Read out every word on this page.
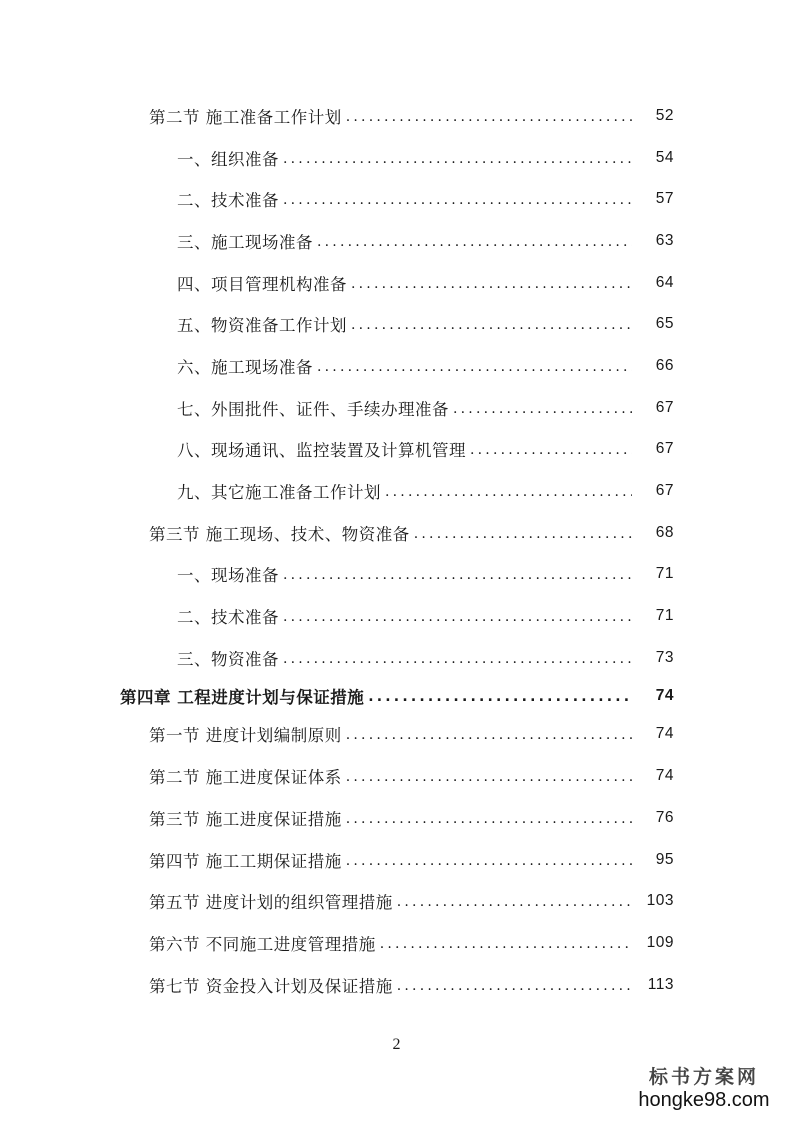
第二节 施工准备工作计划 .....	52
一、组织准备 .....	54
二、技术准备 .....	57
三、施工现场准备 .....	63
四、项目管理机构准备 .....	64
五、物资准备工作计划 .....	65
六、施工现场准备 .....	66
七、外围批件、证件、手续办理准备 .....	67
八、现场通讯、监控装置及计算机管理 .....	67
九、其它施工准备工作计划 .....	67
第三节 施工现场、技术、物资准备 .....	68
一、现场准备 .....	71
二、技术准备 .....	71
三、物资准备 .....	73
第四章 工程进度计划与保证措施 .....	74
第一节 进度计划编制原则 .....	74
第二节 施工进度保证体系 .....	74
第三节 施工进度保证措施 .....	76
第四节 施工工期保证措施 .....	95
第五节 进度计划的组织管理措施 .....	103
第六节 不同施工进度管理措施 .....	109
第七节 资金投入计划及保证措施 .....	113
2
标书方案网
hongke98.com
